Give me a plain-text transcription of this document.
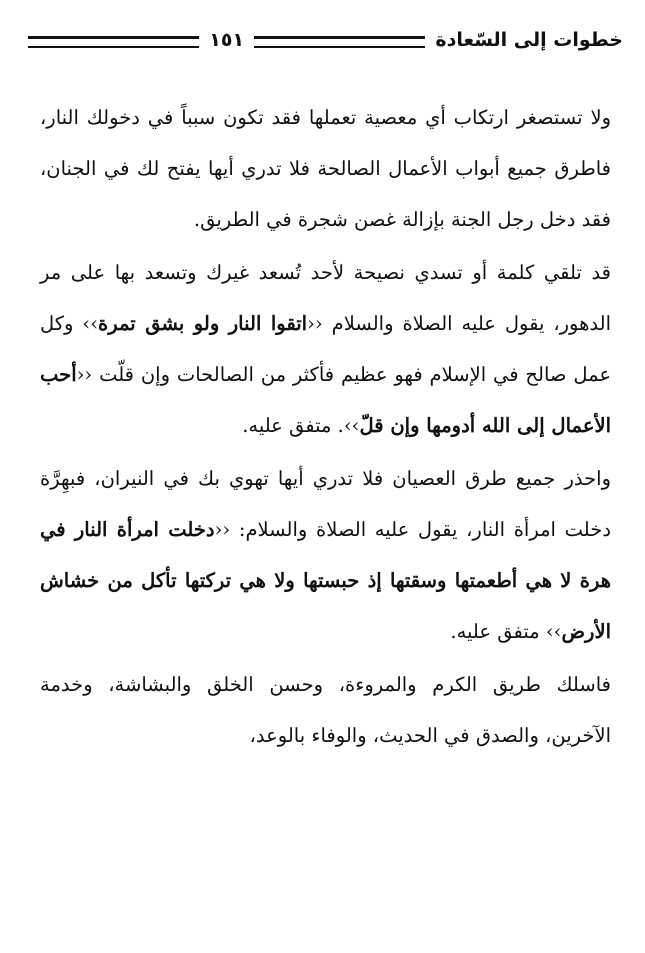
خطوات إلى السّعادة
١٥١

ولا تستصغر ارتكاب أي معصية تعملها فقد تكون سبباً في دخولك النار، فاطرق جميع أبواب الأعمال الصالحة فلا تدري أيها يفتح لك في الجنان، فقد دخل رجل الجنة بإزالة غصن شجرة في الطريق.

قد تلقي كلمة أو تسدي نصيحة لأحد تُسعد غيرك وتسعد بها على مر الدهور، يقول عليه الصلاة والسلام ‹‹اتقوا النار ولو بشق تمرة›› وكل عمل صالح في الإسلام فهو عظيم فأكثر من الصالحات وإن قلّت ‹‹أحب الأعمال إلى الله أدومها وإن قلّ››. متفق عليه.

واحذر جميع طرق العصيان فلا تدري أيها تهوي بك في النيران، فبهِرَّة دخلت امرأة النار، يقول عليه الصلاة والسلام: ‹‹دخلت امرأة النار في هرة لا هي أطعمتها وسقتها إذ حبستها ولا هي تركتها تأكل من خشاش الأرض›› متفق عليه.

فاسلك طريق الكرم والمروءة، وحسن الخلق والبشاشة، وخدمة الآخرين، والصدق في الحديث، والوفاء بالوعد،
